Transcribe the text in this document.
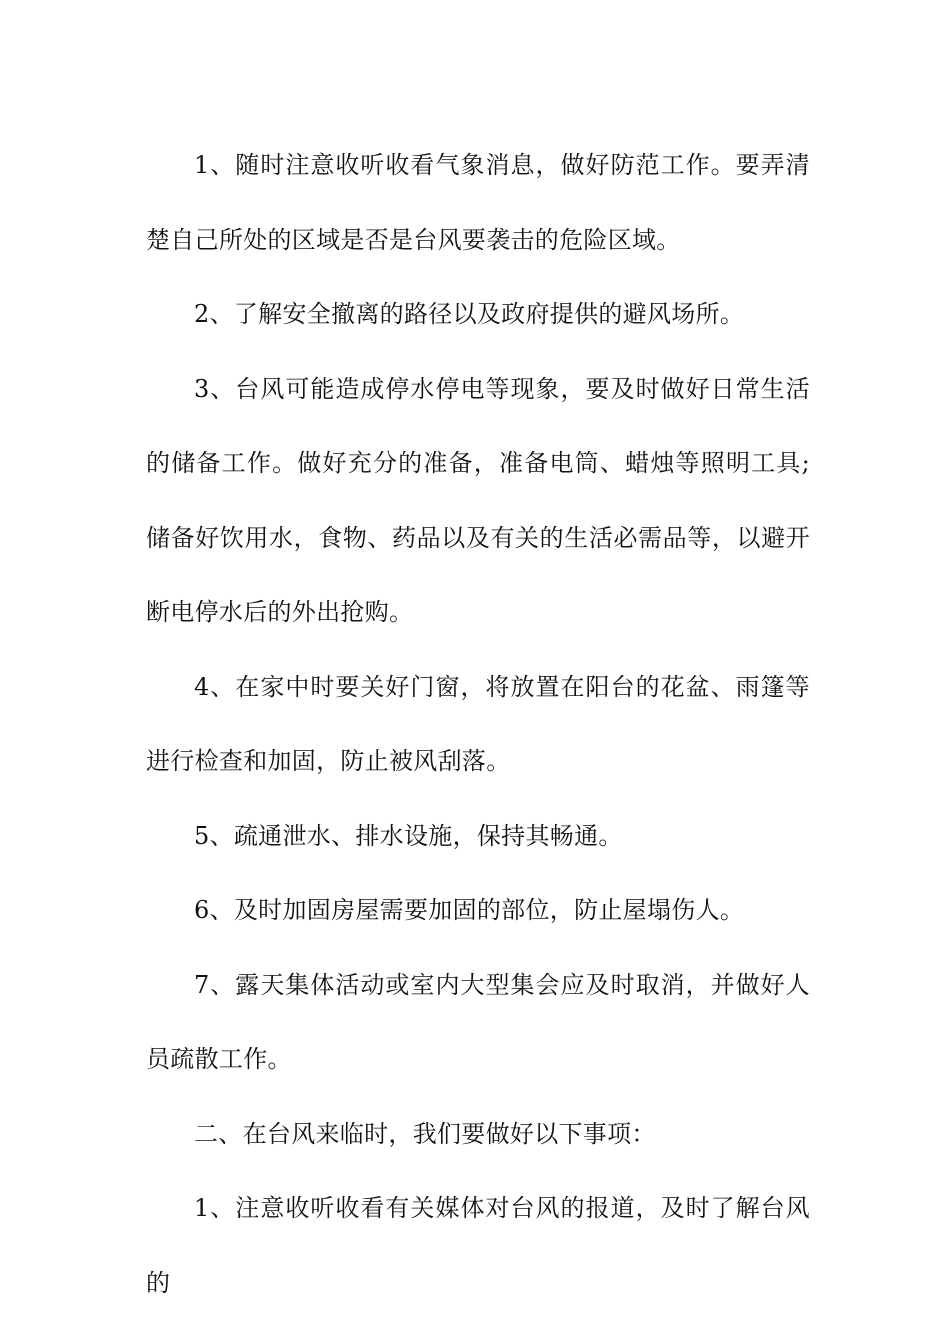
1、随时注意收听收看气象消息，做好防范工作。要弄清楚自己所处的区域是否是台风要袭击的危险区域。

2、了解安全撤离的路径以及政府提供的避风场所。

3、台风可能造成停水停电等现象，要及时做好日常生活的储备工作。做好充分的准备，准备电筒、蜡烛等照明工具;储备好饮用水，食物、药品以及有关的生活必需品等，以避开断电停水后的外出抢购。

4、在家中时要关好门窗，将放置在阳台的花盆、雨篷等进行检查和加固，防止被风刮落。

5、疏通泄水、排水设施，保持其畅通。

6、及时加固房屋需要加固的部位，防止屋塌伤人。

7、露天集体活动或室内大型集会应及时取消，并做好人员疏散工作。

二、在台风来临时，我们要做好以下事项：

1、注意收听收看有关媒体对台风的报道，及时了解台风的
